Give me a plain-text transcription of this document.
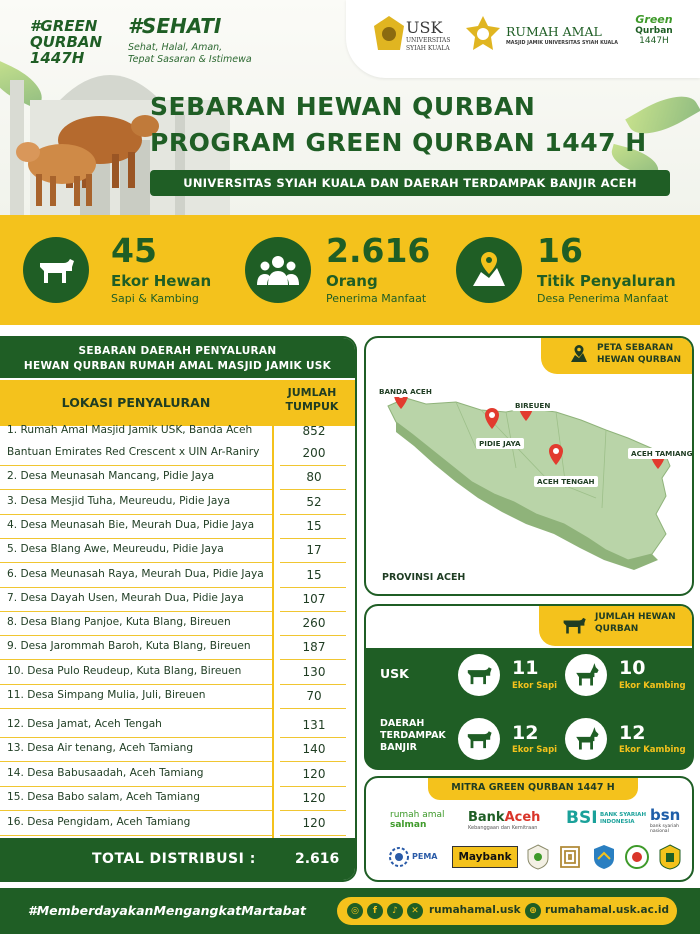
#GREEN
QURBAN
1447H
#SEHATI
Sehat, Halal, Aman,
Tepat Sasaran & Istimewa
USK
UNIVERSITAS
SYIAH KUALA
RUMAH AMAL
MASJID JAMIK UNIVERSITAS SYIAH KUALA
Green
Qurban
1447H
SEBARAN HEWAN QURBAN
PROGRAM GREEN QURBAN 1447 H
UNIVERSITAS SYIAH KUALA DAN DAERAH TERDAMPAK BANJIR ACEH
45
Ekor Hewan
Sapi & Kambing
2.616
Orang
Penerima Manfaat
16
Titik Penyaluran
Desa Penerima Manfaat
SEBARAN DAERAH PENYALURAN
HEWAN QURBAN RUMAH AMAL MASJID JAMIK USK
LOKASI PENYALURAN
JUMLAH
TUMPUK
1. Rumah Amal Masjid Jamik USK, Banda Aceh	852
Bantuan Emirates Red Crescent x UIN Ar-Raniry	200
2. Desa Meunasah Mancang, Pidie Jaya	80
3. Desa Mesjid Tuha, Meureudu, Pidie Jaya	52
4. Desa Meunasah Bie, Meurah Dua, Pidie Jaya	15
5. Desa Blang Awe, Meureudu, Pidie Jaya	17
6. Desa Meunasah Raya, Meurah Dua, Pidie Jaya	15
7. Desa Dayah Usen, Meurah Dua, Pidie Jaya	107
8. Desa Blang Panjoe, Kuta Blang, Bireuen	260
9. Desa Jarommah Baroh, Kuta Blang, Bireuen	187
10. Desa Pulo Reudeup, Kuta Blang, Bireuen	130
11. Desa Simpang Mulia, Juli, Bireuen	70
12. Desa Jamat, Aceh Tengah	131
13. Desa Air tenang, Aceh Tamiang	140
14. Desa Babusaadah, Aceh Tamiang	120
15. Desa Babo salam, Aceh Tamiang	120
16. Desa Pengidam, Aceh Tamiang	120
TOTAL DISTRIBUSI :	2.616
PETA SEBARAN
HEWAN QURBAN
BANDA ACEH
PIDIE JAYA
BIREUEN
ACEH TENGAH
ACEH TAMIANG
PROVINSI ACEH
JUMLAH HEWAN
QURBAN
USK	11
Ekor Sapi
10
Ekor Kambing
DAERAH
TERDAMPAK
BANJIR
12
Ekor Sapi
12
Ekor Kambing
MITRA GREEN QURBAN 1447 H
rumah amal
salman	BankAceh
Kebanggaan dan Kemitraan BSI BANK SYARIAH
INDONESIA	bsn
bank syariah nasional
PEMA	Maybank
#MemberdayakanMengangkatMartabat	◎	f	♪	✕ rumahamal.usk ⊕ rumahamal.usk.ac.id
